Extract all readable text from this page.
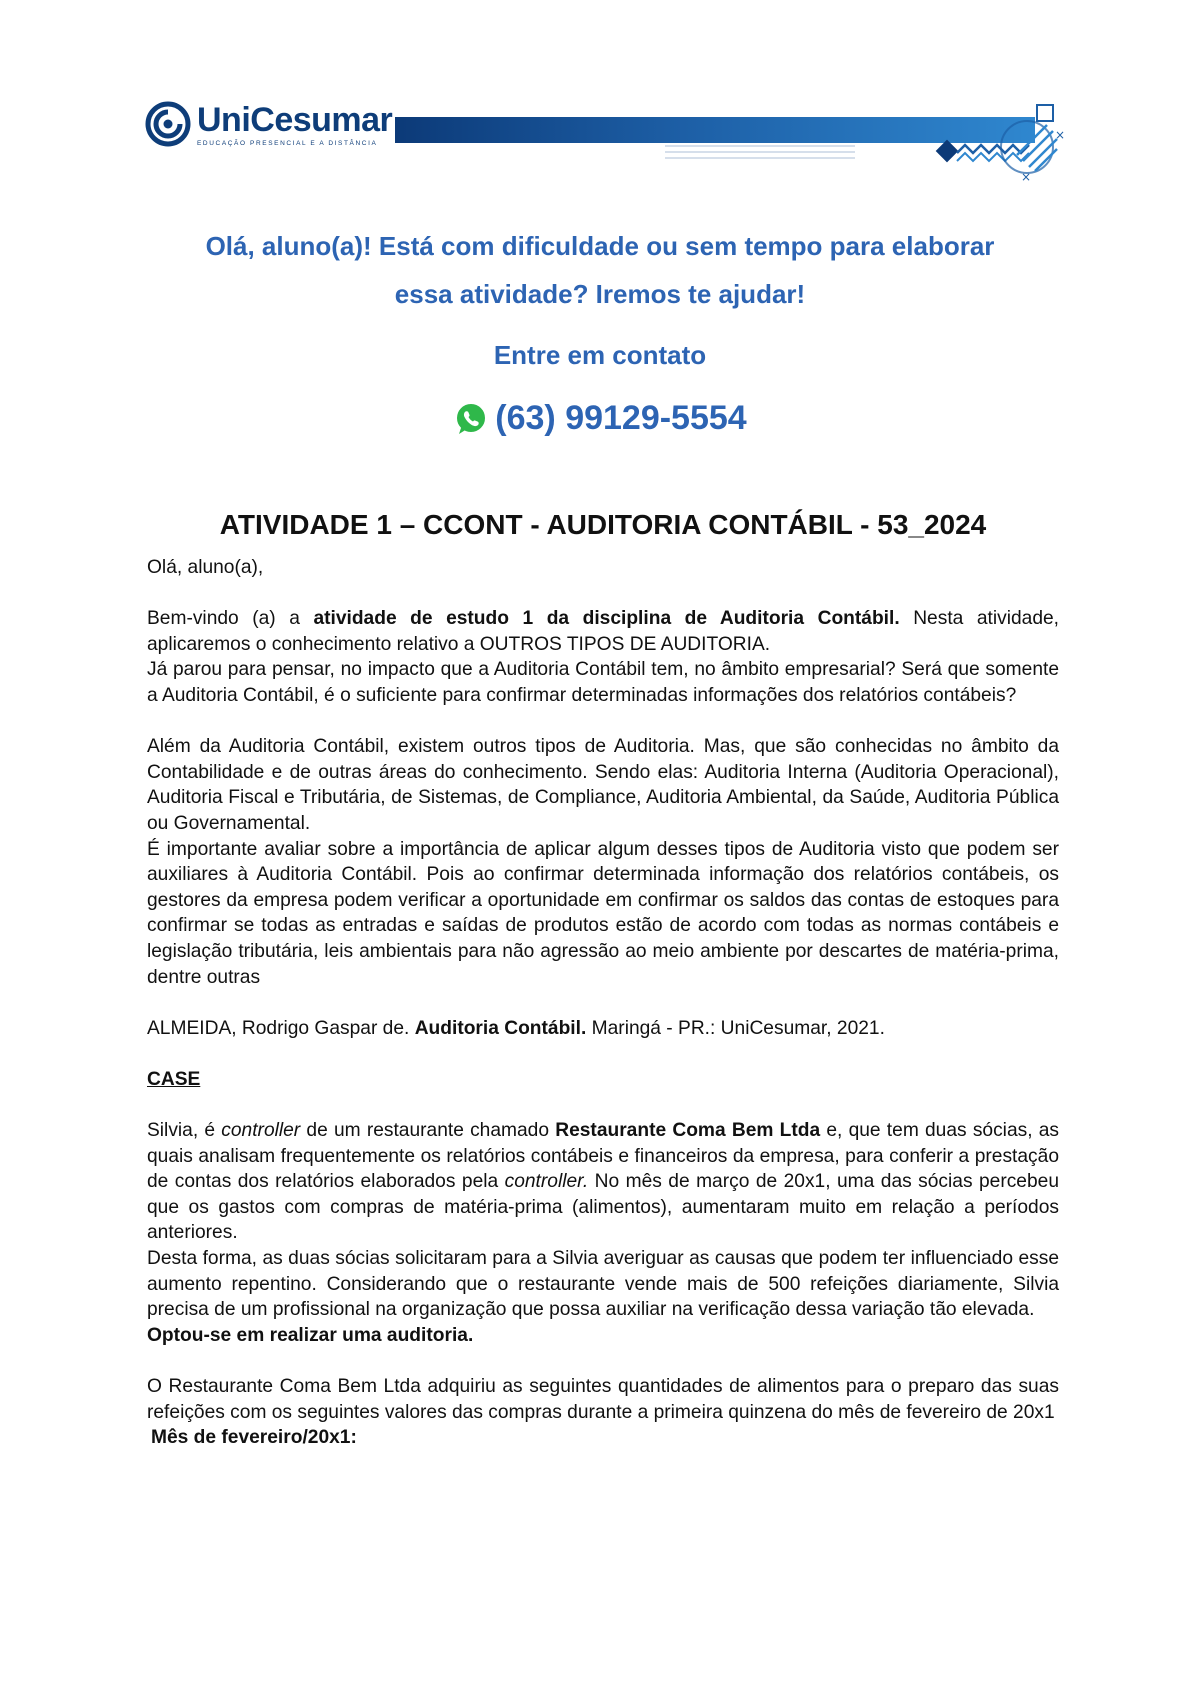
UniCesumar
EDUCAÇÃO PRESENCIAL E A DISTÂNCIA
×
×
Olá, aluno(a)! Está com dificuldade ou sem tempo para elaborar
essa atividade? Iremos te ajudar!
Entre em contato
(63) 99129-5554
ATIVIDADE 1 – CCONT - AUDITORIA CONTÁBIL - 53_2024

Olá, aluno(a),

Bem-vindo (a) a atividade de estudo 1 da disciplina de Auditoria Contábil. Nesta atividade, aplicaremos o conhecimento relativo a OUTROS TIPOS DE AUDITORIA.

Já parou para pensar, no impacto que a Auditoria Contábil tem, no âmbito empresarial? Será que somente a Auditoria Contábil, é o suficiente para confirmar determinadas informações dos relatórios contábeis?

Além da Auditoria Contábil, existem outros tipos de Auditoria. Mas, que são conhecidas no âmbito da Contabilidade e de outras áreas do conhecimento. Sendo elas: Auditoria Interna (Auditoria Operacional), Auditoria Fiscal e Tributária, de Sistemas, de Compliance, Auditoria Ambiental, da Saúde, Auditoria Pública ou Governamental.

É importante avaliar sobre a importância de aplicar algum desses tipos de Auditoria visto que podem ser auxiliares à Auditoria Contábil. Pois ao confirmar determinada informação dos relatórios contábeis, os gestores da empresa podem verificar a oportunidade em confirmar os saldos das contas de estoques para confirmar se todas as entradas e saídas de produtos estão de acordo com todas as normas contábeis e legislação tributária, leis ambientais para não agressão ao meio ambiente por descartes de matéria-prima, dentre outras

ALMEIDA, Rodrigo Gaspar de. Auditoria Contábil. Maringá - PR.: UniCesumar, 2021.

CASE

Silvia, é controller de um restaurante chamado Restaurante Coma Bem Ltda e, que tem duas sócias, as quais analisam frequentemente os relatórios contábeis e financeiros da empresa, para conferir a prestação de contas dos relatórios elaborados pela controller. No mês de março de 20x1, uma das sócias percebeu que os gastos com compras de matéria-prima (alimentos), aumentaram muito em relação a períodos anteriores.

Desta forma, as duas sócias solicitaram para a Silvia averiguar as causas que podem ter influenciado esse aumento repentino. Considerando que o restaurante vende mais de 500 refeições diariamente, Silvia precisa de um profissional na organização que possa auxiliar na verificação dessa variação tão elevada.

Optou-se em realizar uma auditoria.

O Restaurante Coma Bem Ltda adquiriu as seguintes quantidades de alimentos para o preparo das suas refeições com os seguintes valores das compras durante a primeira quinzena do mês de fevereiro de 20x1

Mês de fevereiro/20x1:
